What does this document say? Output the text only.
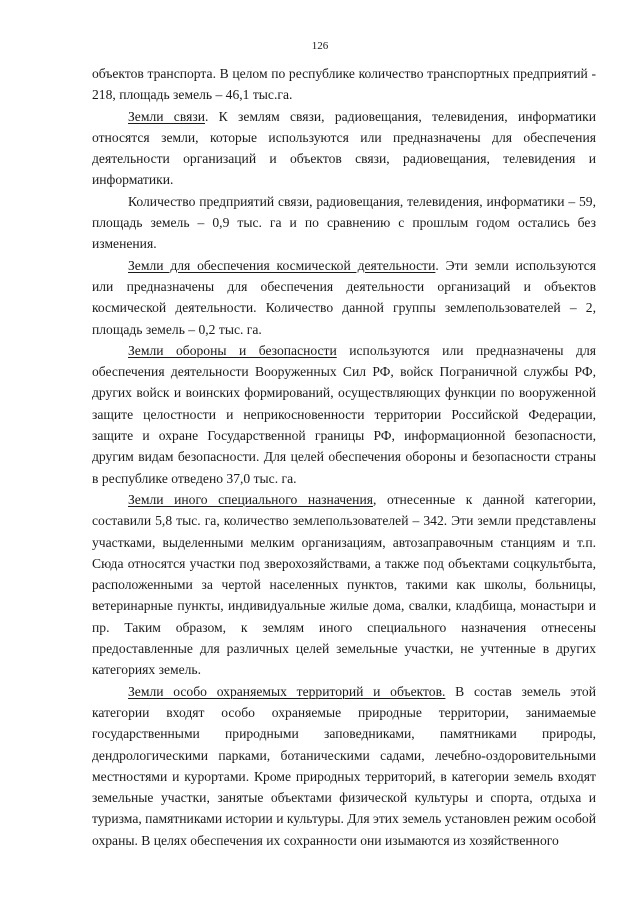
126

объектов транспорта. В целом по республике количество транспортных предприятий - 218, площадь земель – 46,1 тыс.га.

Земли связи. К землям связи, радиовещания, телевидения, информатики относятся земли, которые используются или предназначены для обеспечения деятельности организаций и объектов связи, радиовещания, телевидения и информатики.

Количество предприятий связи, радиовещания, телевидения, информатики – 59, площадь земель – 0,9 тыс. га и по сравнению с прошлым годом остались без изменения.

Земли для обеспечения космической деятельности. Эти земли используются или предназначены для обеспечения деятельности организаций и объектов космической деятельности. Количество данной группы землепользователей – 2, площадь земель – 0,2 тыс. га.

Земли обороны и безопасности используются или предназначены для обеспечения деятельности Вооруженных Сил РФ, войск Пограничной службы РФ, других войск и воинских формирований, осуществляющих функции по вооруженной защите целостности и неприкосновенности территории Российской Федерации, защите и охране Государственной границы РФ, информационной безопасности, другим видам безопасности. Для целей обеспечения обороны и безопасности страны в республике отведено 37,0 тыс. га.

Земли иного специального назначения, отнесенные к данной категории, составили 5,8 тыс. га, количество землепользователей – 342. Эти земли представлены участками, выделенными мелким организациям, автозаправочным станциям и т.п. Сюда относятся участки под зверохозяйствами, а также под объектами соцкультбыта, расположенными за чертой населенных пунктов, такими как школы, больницы, ветеринарные пункты, индивидуальные жилые дома, свалки, кладбища, монастыри и пр. Таким образом, к землям иного специального назначения отнесены предоставленные для различных целей земельные участки, не учтенные в других категориях земель.

Земли особо охраняемых территорий и объектов. В состав земель этой категории входят особо охраняемые природные территории, занимаемые государственными природными заповедниками, памятниками природы, дендрологическими парками, ботаническими садами, лечебно-оздоровительными местностями и курортами. Кроме природных территорий, в категории земель входят земельные участки, занятые объектами физической культуры и спорта, отдыха и туризма, памятниками истории и культуры. Для этих земель установлен режим особой охраны. В целях обеспечения их сохранности они изымаются из хозяйственного
